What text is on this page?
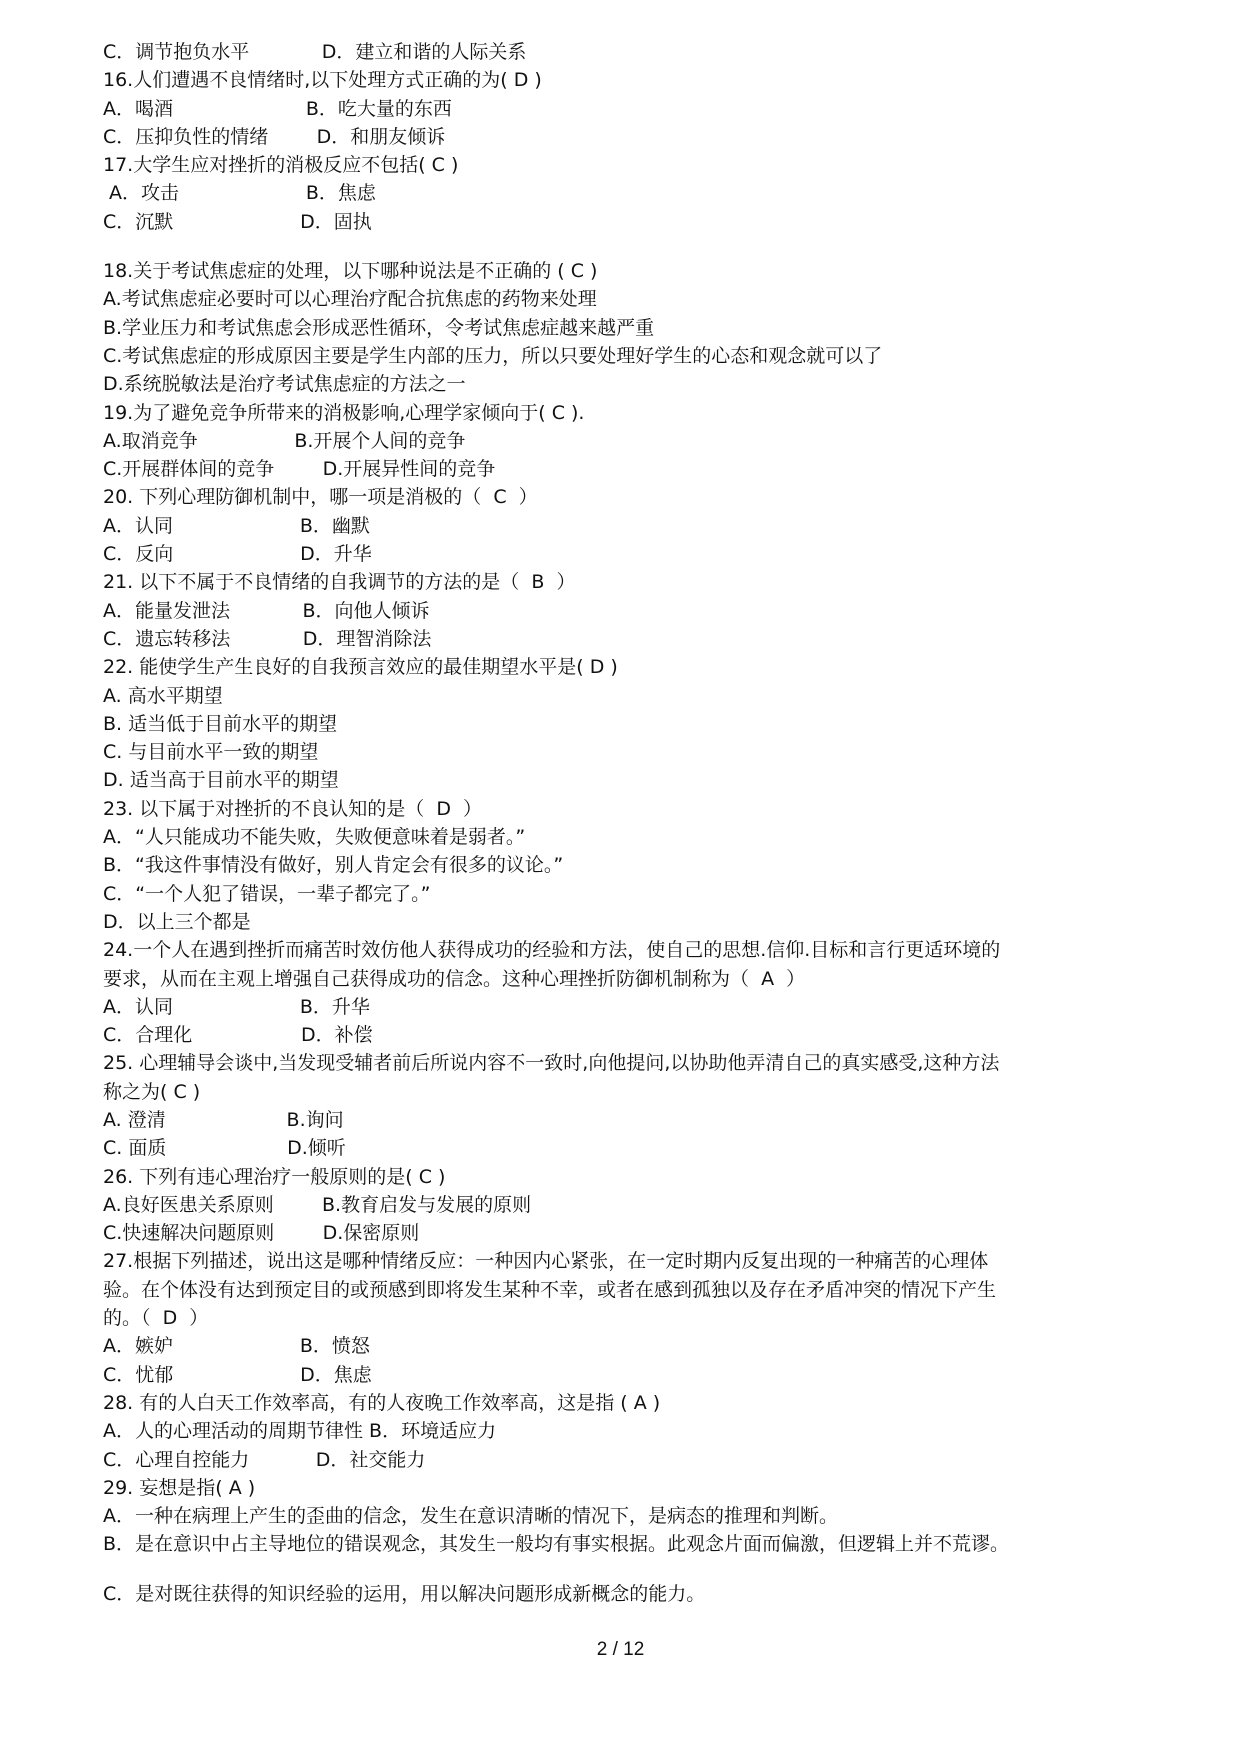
C．调节抱负水平            D．建立和谐的人际关系
16.人们遭遇不良情绪时,以下处理方式正确的为( D )
A．喝酒                      B．吃大量的东西
C．压抑负性的情绪        D．和朋友倾诉
17.大学生应对挫折的消极反应不包括( C )
A．攻击                     B．焦虑
C．沉默                     D．固执
18.关于考试焦虑症的处理，以下哪种说法是不正确的 ( C )
A.考试焦虑症必要时可以心理治疗配合抗焦虑的药物来处理
B.学业压力和考试焦虑会形成恶性循环，令考试焦虑症越来越严重
C.考试焦虑症的形成原因主要是学生内部的压力，所以只要处理好学生的心态和观念就可以了
D.系统脱敏法是治疗考试焦虑症的方法之一
19.为了避免竞争所带来的消极影响,心理学家倾向于( C ).
A.取消竞争                B.开展个人间的竞争
C.开展群体间的竞争        D.开展异性间的竞争
20. 下列心理防御机制中，哪一项是消极的（  C  ）
A．认同                     B．幽默
C．反向                     D．升华
21. 以下不属于不良情绪的自我调节的方法的是（  B  ）
A．能量发泄法            B．向他人倾诉
C．遗忘转移法            D．理智消除法
22. 能使学生产生良好的自我预言效应的最佳期望水平是( D )
A. 高水平期望
B. 适当低于目前水平的期望
C. 与目前水平一致的期望
D. 适当高于目前水平的期望
23. 以下属于对挫折的不良认知的是（  D  ）
A．“人只能成功不能失败，失败便意味着是弱者。”
B．“我这件事情没有做好，别人肯定会有很多的议论。”
C．“一个人犯了错误，一辈子都完了。”
D．以上三个都是
24.一个人在遇到挫折而痛苦时效仿他人获得成功的经验和方法，使自己的思想.信仰.目标和言行更适环境的
要求，从而在主观上增强自己获得成功的信念。这种心理挫折防御机制称为（  A  ）
A．认同                     B．升华
C．合理化                  D．补偿
25. 心理辅导会谈中,当发现受辅者前后所说内容不一致时,向他提问,以协助他弄清自己的真实感受,这种方法
称之为( C )
A. 澄清                    B.询问
C. 面质                    D.倾听
26. 下列有违心理治疗一般原则的是( C )
A.良好医患关系原则        B.教育启发与发展的原则
C.快速解决问题原则        D.保密原则
27.根据下列描述，说出这是哪种情绪反应：一种因内心紧张，在一定时期内反复出现的一种痛苦的心理体
验。在个体没有达到预定目的或预感到即将发生某种不幸，或者在感到孤独以及存在矛盾冲突的情况下产生
的。（  D  ）
A．嫉妒                     B．愤怒
C．忧郁                     D．焦虑
28. 有的人白天工作效率高，有的人夜晚工作效率高，这是指 ( A )
A．人的心理活动的周期节律性 B．环境适应力
C．心理自控能力           D．社交能力
29. 妄想是指( A )
A．一种在病理上产生的歪曲的信念，发生在意识清晰的情况下，是病态的推理和判断。
B．是在意识中占主导地位的错误观念，其发生一般均有事实根据。此观念片面而偏激，但逻辑上并不荒谬。
C．是对既往获得的知识经验的运用，用以解决问题形成新概念的能力。
2 / 12
